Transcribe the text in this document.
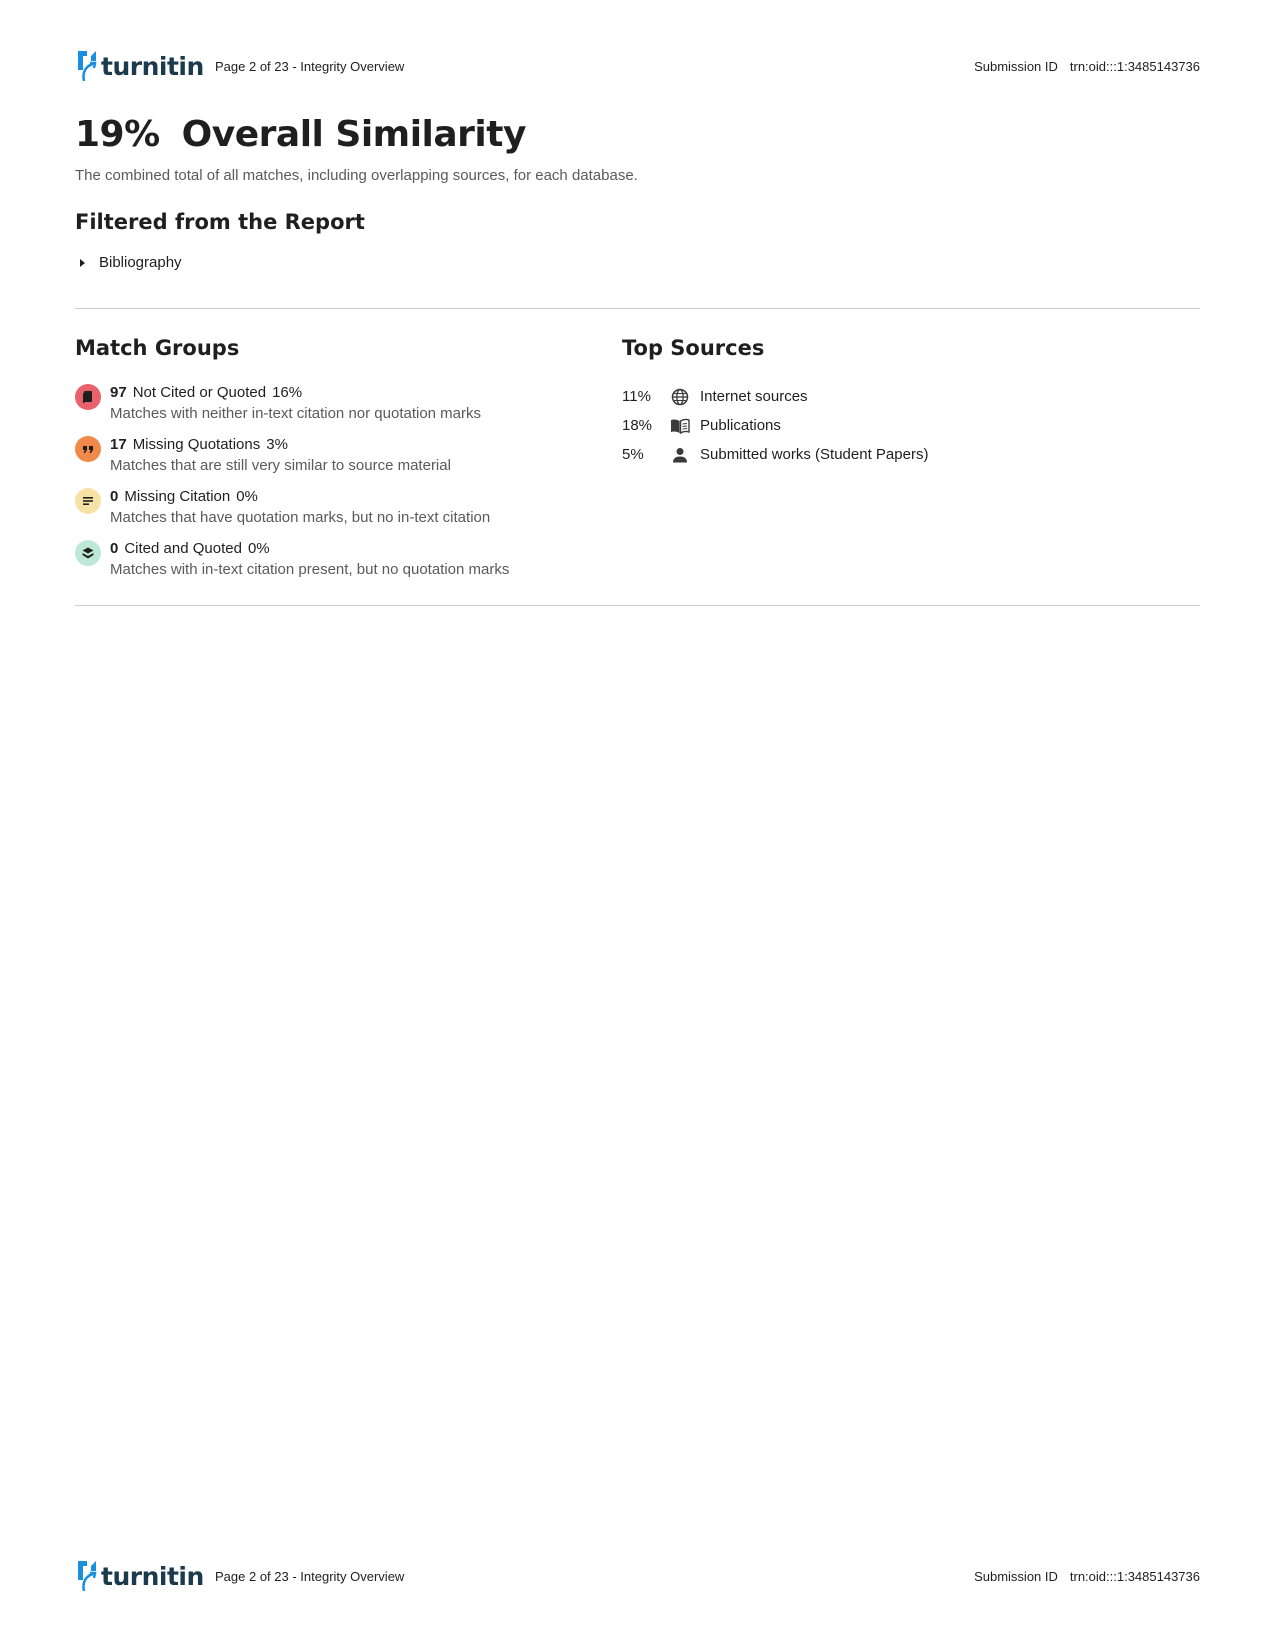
turnitin Page 2 of 23 - Integrity Overview	Submission ID trn:oid:::1:3485143736
19% Overall Similarity
The combined total of all matches, including overlapping sources, for each database.
Filtered from the Report
Bibliography
Match Groups
97 Not Cited or Quoted 16%
Matches with neither in-text citation nor quotation marks
17 Missing Quotations 3%
Matches that are still very similar to source material
0 Missing Citation 0%
Matches that have quotation marks, but no in-text citation
0 Cited and Quoted 0%
Matches with in-text citation present, but no quotation marks
Top Sources
11%	Internet sources
18%	Publications
5%	Submitted works (Student Papers)
turnitin Page 2 of 23 - Integrity Overview	Submission ID trn:oid:::1:3485143736
